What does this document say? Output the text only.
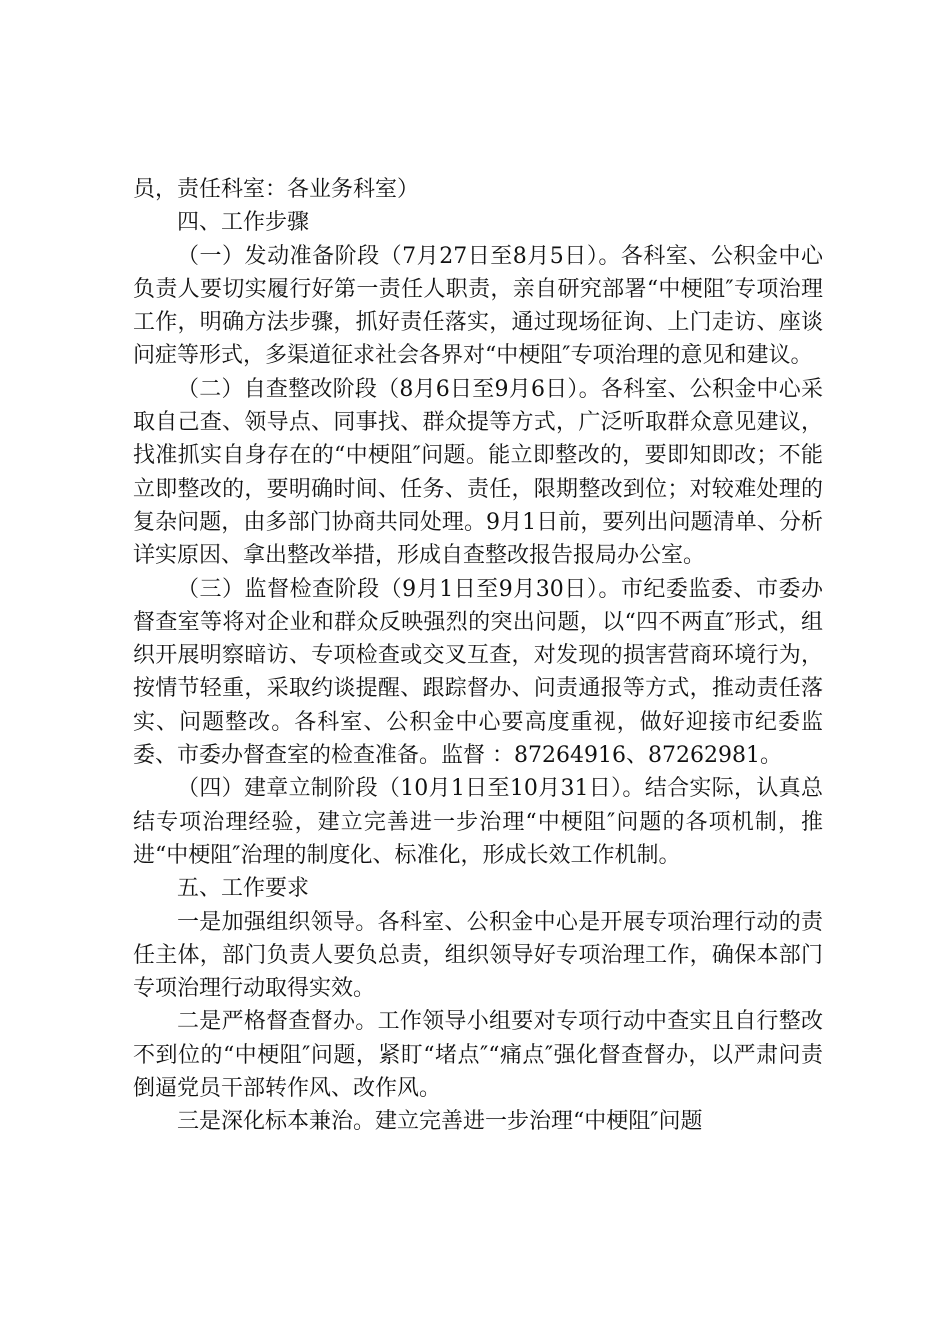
员，责任科室：各业务科室）

四、工作步骤

（一）发动准备阶段（7月27日至8月5日）。各科室、公积金中心负责人要切实履行好第一责任人职责，亲自研究部署“中梗阻″专项治理工作，明确方法步骤，抓好责任落实，通过现场征询、上门走访、座谈问症等形式，多渠道征求社会各界对“中梗阻″专项治理的意见和建议。

（二）自查整改阶段（8月6日至9月6日）。各科室、公积金中心采取自己查、领导点、同事找、群众提等方式，广泛听取群众意见建议，找准抓实自身存在的“中梗阻″问题。能立即整改的，要即知即改；不能立即整改的，要明确时间、任务、责任，限期整改到位；对较难处理的复杂问题，由多部门协商共同处理。9月1日前，要列出问题清单、分析详实原因、拿出整改举措，形成自查整改报告报局办公室。

（三）监督检查阶段（9月1日至9月30日）。市纪委监委、市委办督查室等将对企业和群众反映强烈的突出问题，以“四不两直″形式，组织开展明察暗访、专项检查或交叉互查，对发现的损害营商环境行为，按情节轻重，采取约谈提醒、跟踪督办、问责通报等方式，推动责任落实、问题整改。各科室、公积金中心要高度重视，做好迎接市纪委监委、市委办督查室的检查准备。监督 ：87264916、87262981。

（四）建章立制阶段（10月1日至10月31日）。结合实际，认真总结专项治理经验，建立完善进一步治理“中梗阻″问题的各项机制，推进“中梗阻″治理的制度化、标准化，形成长效工作机制。

五、工作要求

一是加强组织领导。各科室、公积金中心是开展专项治理行动的责任主体，部门负责人要负总责，组织领导好专项治理工作，确保本部门专项治理行动取得实效。

二是严格督查督办。工作领导小组要对专项行动中查实且自行整改不到位的“中梗阻″问题，紧盯“堵点″“痛点″强化督查督办，以严肃问责倒逼党员干部转作风、改作风。

三是深化标本兼治。建立完善进一步治理“中梗阻″问题
